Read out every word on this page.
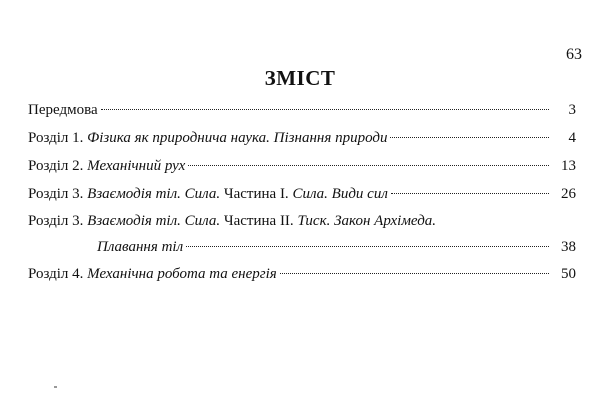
63
ЗМІСТ
Передмова	3
Розділ 1. Фізика як природнича наука. Пізнання природи	4
Розділ 2. Механічний рух	13
Розділ 3. Взаємодія тіл. Сила. Частина І. Сила. Види сил	26
Розділ 3. Взаємодія тіл. Сила. Частина ІІ. Тиск. Закон Архімеда.
Плавання тіл	38
Розділ 4. Механічна робота та енергія	50
